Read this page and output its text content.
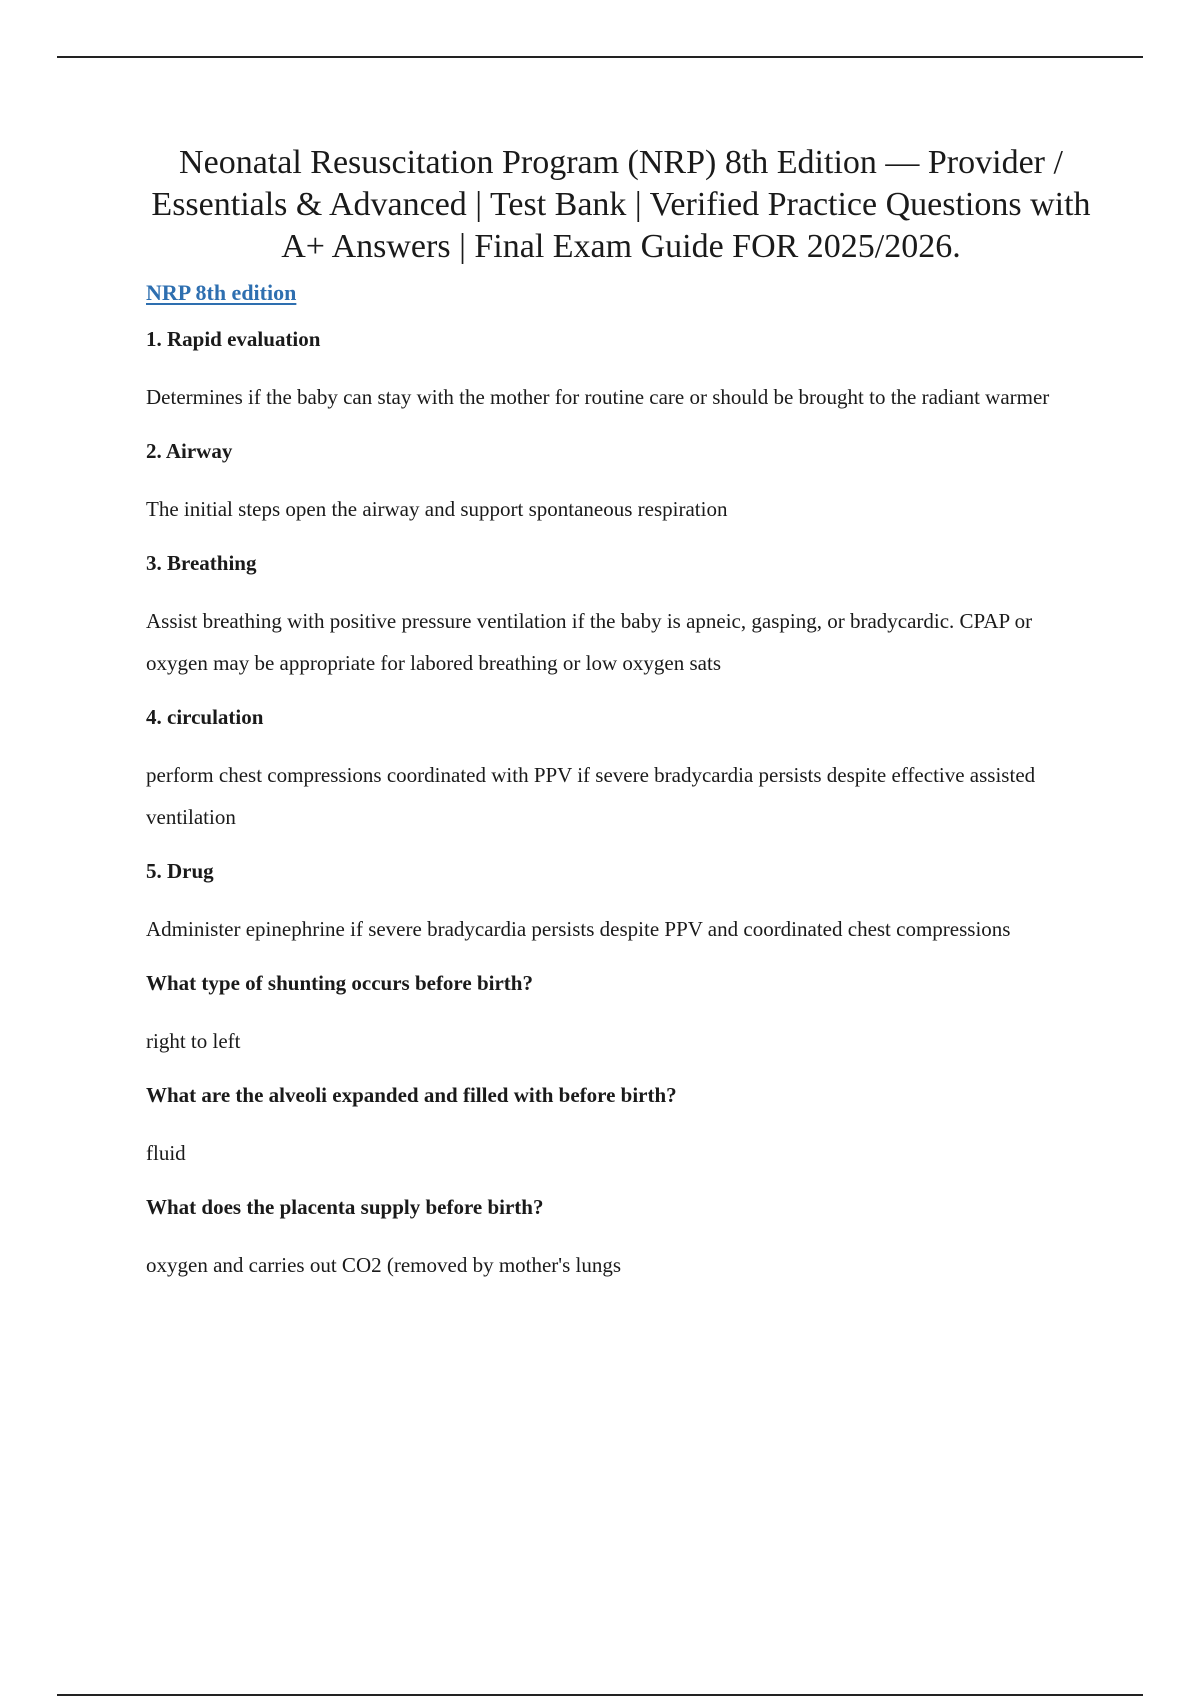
Neonatal Resuscitation Program (NRP) 8th Edition — Provider / Essentials & Advanced | Test Bank | Verified Practice Questions with A+ Answers | Final Exam Guide FOR 2025/2026.
NRP 8th edition

1. Rapid evaluation

Determines if the baby can stay with the mother for routine care or should be brought to the radiant warmer

2. Airway

The initial steps open the airway and support spontaneous respiration

3. Breathing

Assist breathing with positive pressure ventilation if the baby is apneic, gasping, or bradycardic. CPAP or oxygen may be appropriate for labored breathing or low oxygen sats

4. circulation

perform chest compressions coordinated with PPV if severe bradycardia persists despite effective assisted ventilation

5. Drug

Administer epinephrine if severe bradycardia persists despite PPV and coordinated chest compressions

What type of shunting occurs before birth?

right to left

What are the alveoli expanded and filled with before birth?

fluid

What does the placenta supply before birth?

oxygen and carries out CO2 (removed by mother's lungs
